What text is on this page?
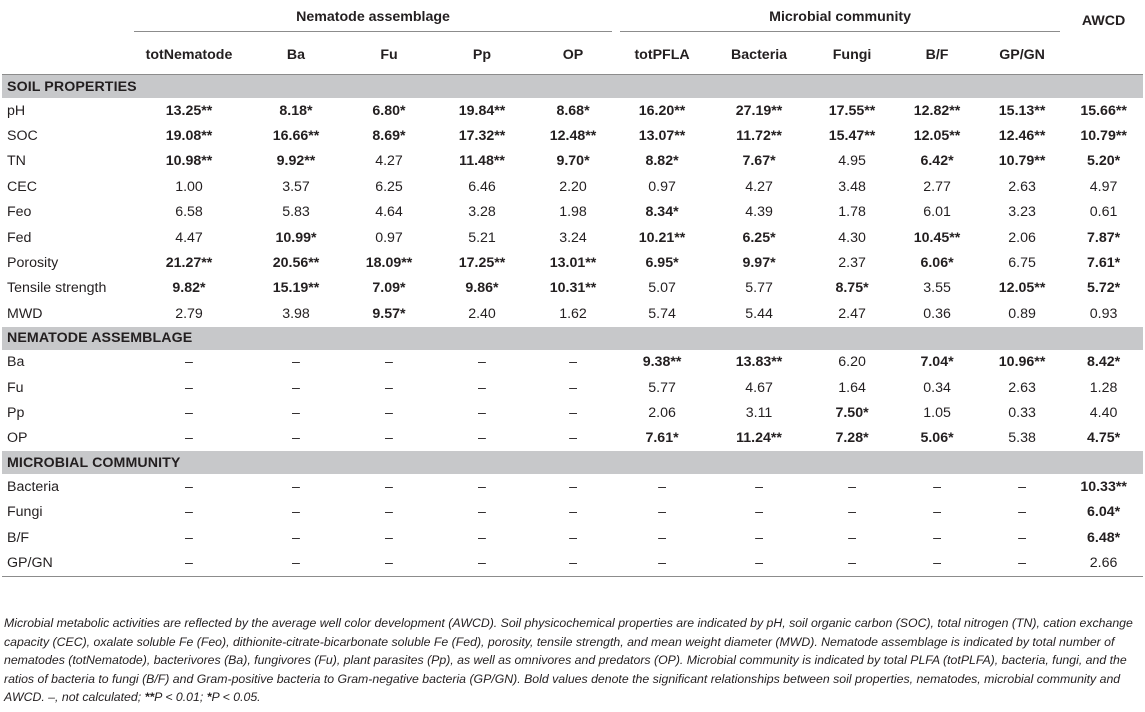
	Nematode assemblage					Microbial community					AWCD
	totNematode	Ba	Fu	Pp	OP	totPFLA	Bacteria	Fungi	B/F	GP/GN	
SOIL PROPERTIES											
pH	13.25**	8.18*	6.80*	19.84**	8.68*	16.20**	27.19**	17.55**	12.82**	15.13**	15.66**
SOC	19.08**	16.66**	8.69*	17.32**	12.48**	13.07**	11.72**	15.47**	12.05**	12.46**	10.79**
TN	10.98**	9.92**	4.27	11.48**	9.70*	8.82*	7.67*	4.95	6.42*	10.79**	5.20*
CEC	1.00	3.57	6.25	6.46	2.20	0.97	4.27	3.48	2.77	2.63	4.97
Feo	6.58	5.83	4.64	3.28	1.98	8.34*	4.39	1.78	6.01	3.23	0.61
Fed	4.47	10.99*	0.97	5.21	3.24	10.21**	6.25*	4.30	10.45**	2.06	7.87*
Porosity	21.27**	20.56**	18.09**	17.25**	13.01**	6.95*	9.97*	2.37	6.06*	6.75	7.61*
Tensile strength	9.82*	15.19**	7.09*	9.86*	10.31**	5.07	5.77	8.75*	3.55	12.05**	5.72*
MWD	2.79	3.98	9.57*	2.40	1.62	5.74	5.44	2.47	0.36	0.89	0.93
NEMATODE ASSEMBLAGE											
Ba	–	–	–	–	–	9.38**	13.83**	6.20	7.04*	10.96**	8.42*
Fu	–	–	–	–	–	5.77	4.67	1.64	0.34	2.63	1.28
Pp	–	–	–	–	–	2.06	3.11	7.50*	1.05	0.33	4.40
OP	–	–	–	–	–	7.61*	11.24**	7.28*	5.06*	5.38	4.75*
MICROBIAL COMMUNITY											
Bacteria	–	–	–	–	–	–	–	–	–	–	10.33**
Fungi	–	–	–	–	–	–	–	–	–	–	6.04*
B/F	–	–	–	–	–	–	–	–	–	–	6.48*
GP/GN	–	–	–	–	–	–	–	–	–	–	2.66
Microbial metabolic activities are reflected by the average well color development (AWCD). Soil physicochemical properties are indicated by pH, soil organic carbon (SOC), total nitrogen (TN), cation exchange capacity (CEC), oxalate soluble Fe (Feo), dithionite-citrate-bicarbonate soluble Fe (Fed), porosity, tensile strength, and mean weight diameter (MWD). Nematode assemblage is indicated by total number of nematodes (totNematode), bacterivores (Ba), fungivores (Fu), plant parasites (Pp), as well as omnivores and predators (OP). Microbial community is indicated by total PLFA (totPLFA), bacteria, fungi, and the ratios of bacteria to fungi (B/F) and Gram-positive bacteria to Gram-negative bacteria (GP/GN). Bold values denote the significant relationships between soil properties, nematodes, microbial community and AWCD. –, not calculated; **P < 0.01; *P < 0.05.
